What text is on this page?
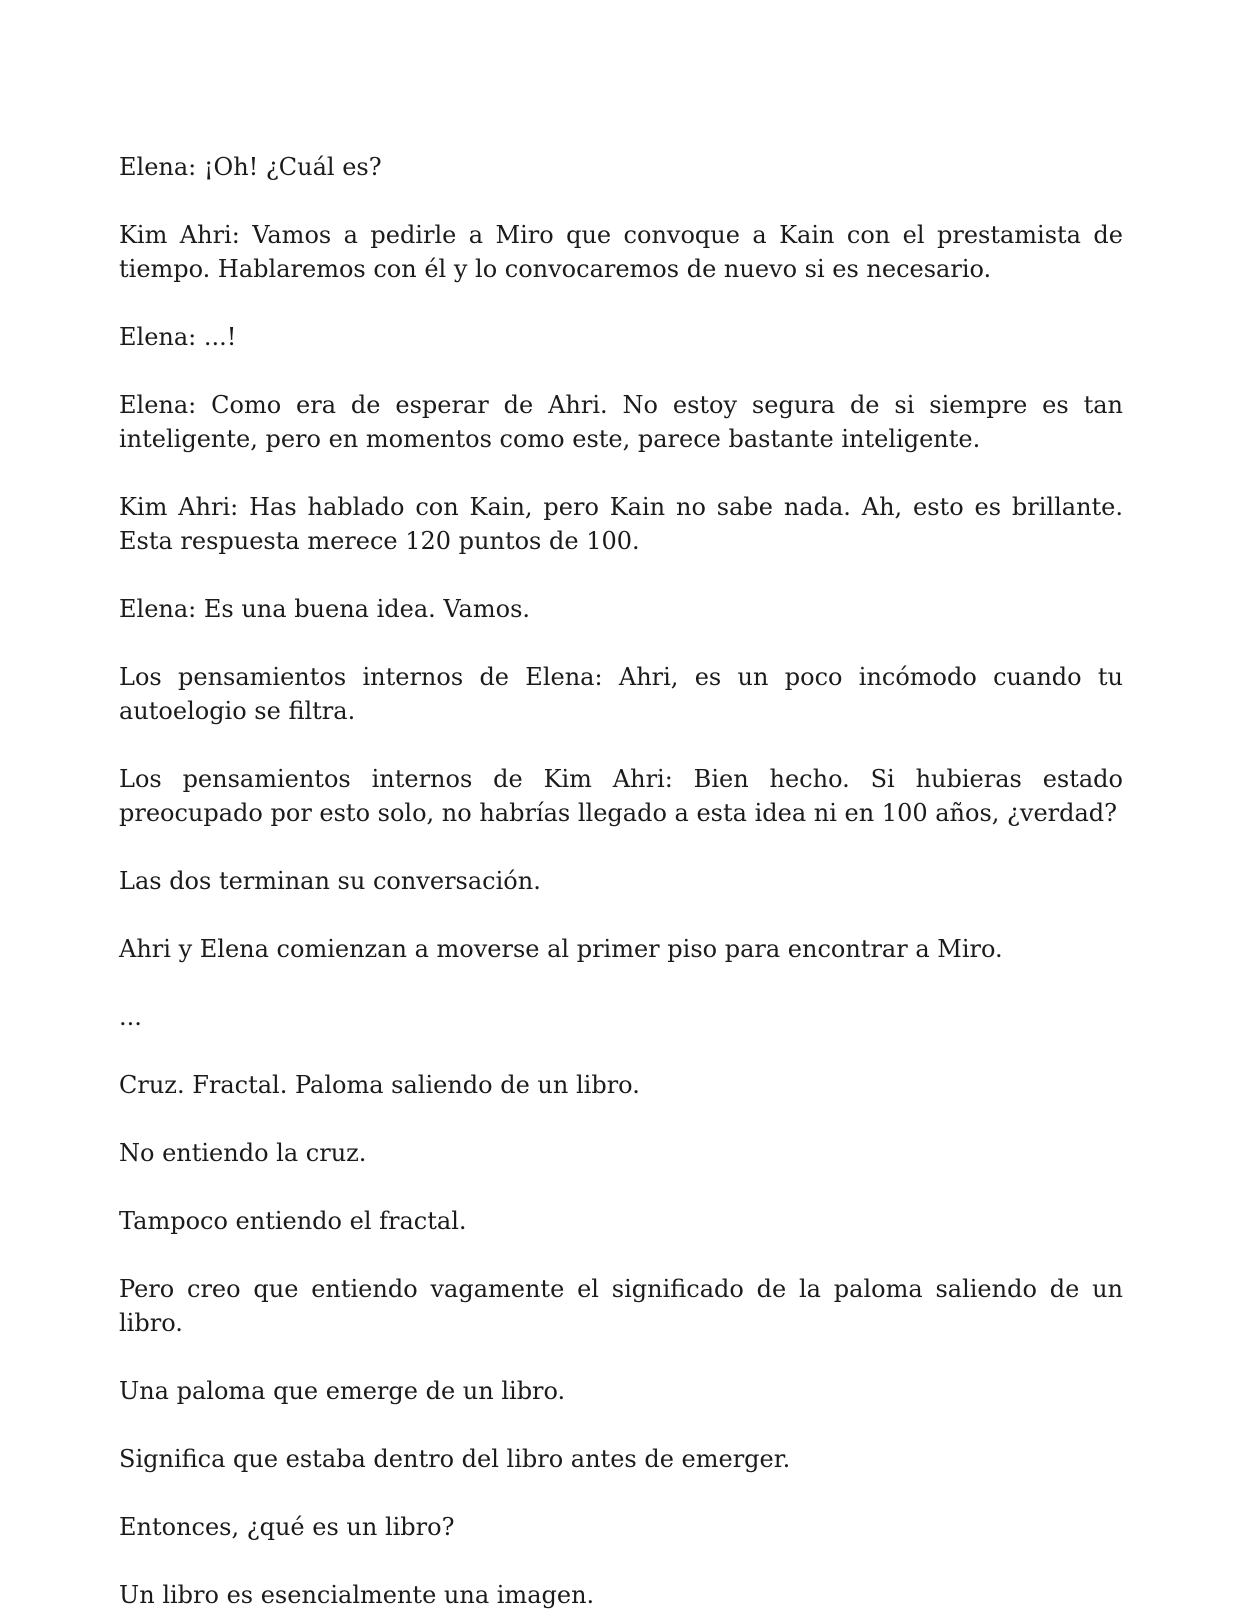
Elena: ¡Oh! ¿Cuál es?

Kim Ahri: Vamos a pedirle a Miro que convoque a Kain con el prestamista de tiempo. Hablaremos con él y lo convocaremos de nuevo si es necesario.

Elena: ...!

Elena: Como era de esperar de Ahri. No estoy segura de si siempre es tan inteligente, pero en momentos como este, parece bastante inteligente.

Kim Ahri: Has hablado con Kain, pero Kain no sabe nada. Ah, esto es brillante. Esta respuesta merece 120 puntos de 100.

Elena: Es una buena idea. Vamos.

Los pensamientos internos de Elena: Ahri, es un poco incómodo cuando tu autoelogio se filtra.

Los pensamientos internos de Kim Ahri: Bien hecho. Si hubieras estado preocupado por esto solo, no habrías llegado a esta idea ni en 100 años, ¿verdad?

Las dos terminan su conversación.

Ahri y Elena comienzan a moverse al primer piso para encontrar a Miro.

...

Cruz. Fractal. Paloma saliendo de un libro.

No entiendo la cruz.

Tampoco entiendo el fractal.

Pero creo que entiendo vagamente el significado de la paloma saliendo de un libro.

Una paloma que emerge de un libro.

Significa que estaba dentro del libro antes de emerger.

Entonces, ¿qué es un libro?

Un libro es esencialmente una imagen.
